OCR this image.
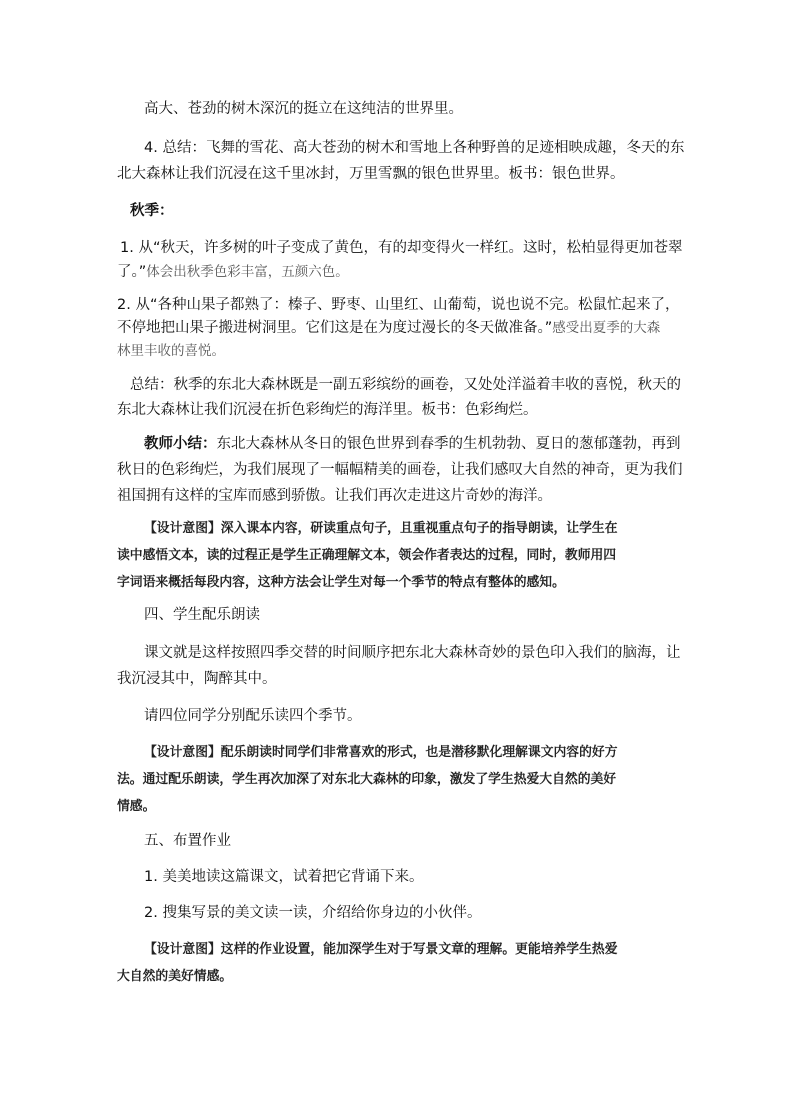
高大、苍劲的树木深沉的挺立在这纯洁的世界里。
4. 总结：飞舞的雪花、高大苍劲的树木和雪地上各种野兽的足迹相映成趣，冬天的东
北大森林让我们沉浸在这千里冰封，万里雪飘的银色世界里。板书：银色世界。
秋季：
1. 从“秋天，许多树的叶子变成了黄色，有的却变得火一样红。这时，松柏显得更加苍翠
了。”体会出秋季色彩丰富，五颜六色。
2. 从“各种山果子都熟了：榛子、野枣、山里红、山葡萄，说也说不完。松鼠忙起来了，
不停地把山果子搬进树洞里。它们这是在为度过漫长的冬天做准备。”感受出夏季的大森
林里丰收的喜悦。
总结：秋季的东北大森林既是一副五彩缤纷的画卷，又处处洋溢着丰收的喜悦，秋天的
东北大森林让我们沉浸在折色彩绚烂的海洋里。板书：色彩绚烂。
教师小结：东北大森林从冬日的银色世界到春季的生机勃勃、夏日的葱郁蓬勃，再到
秋日的色彩绚烂，为我们展现了一幅幅精美的画卷，让我们感叹大自然的神奇，更为我们
祖国拥有这样的宝库而感到骄傲。让我们再次走进这片奇妙的海洋。
【设计意图】深入课本内容，研读重点句子，且重视重点句子的指导朗读，让学生在
读中感悟文本，读的过程正是学生正确理解文本，领会作者表达的过程，同时，教师用四
字词语来概括每段内容，这种方法会让学生对每一个季节的特点有整体的感知。
四、学生配乐朗读
课文就是这样按照四季交替的时间顺序把东北大森林奇妙的景色印入我们的脑海，让
我沉浸其中，陶醉其中。
请四位同学分别配乐读四个季节。
【设计意图】配乐朗读时同学们非常喜欢的形式，也是潜移默化理解课文内容的好方
法。通过配乐朗读，学生再次加深了对东北大森林的印象，激发了学生热爱大自然的美好
情感。
五、布置作业
1. 美美地读这篇课文，试着把它背诵下来。
2. 搜集写景的美文读一读，介绍给你身边的小伙伴。
【设计意图】这样的作业设置，能加深学生对于写景文章的理解。更能培养学生热爱
大自然的美好情感。
